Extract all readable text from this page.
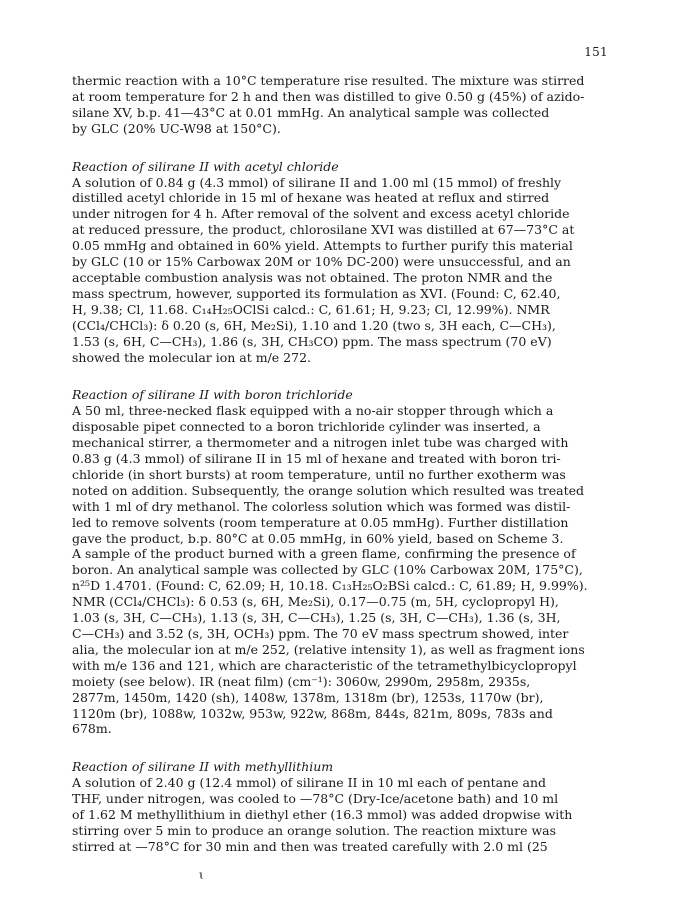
151

thermic reaction with a 10°C temperature rise resulted. The mixture was stirred
at room temperature for 2 h and then was distilled to give 0.50 g (45%) of azido-
silane XV, b.p. 41—43°C at 0.01 mmHg. An analytical sample was collected
by GLC (20% UC-W98 at 150°C).

Reaction of silirane II with acetyl chloride

A solution of 0.84 g (4.3 mmol) of silirane II and 1.00 ml (15 mmol) of freshly
distilled acetyl chloride in 15 ml of hexane was heated at reflux and stirred
under nitrogen for 4 h. After removal of the solvent and excess acetyl chloride
at reduced pressure, the product, chlorosilane XVI was distilled at 67—73°C at
0.05 mmHg and obtained in 60% yield. Attempts to further purify this material
by GLC (10 or 15% Carbowax 20M or 10% DC-200) were unsuccessful, and an
acceptable combustion analysis was not obtained. The proton NMR and the
mass spectrum, however, supported its formulation as XVI. (Found: C, 62.40,
H, 9.38; Cl, 11.68. C₁₄H₂₅OClSi calcd.: C, 61.61; H, 9.23; Cl, 12.99%). NMR
(CCl₄/CHCl₃): δ 0.20 (s, 6H, Me₂Si), 1.10 and 1.20 (two s, 3H each, C—CH₃),
1.53 (s, 6H, C—CH₃), 1.86 (s, 3H, CH₃CO) ppm. The mass spectrum (70 eV)
showed the molecular ion at m/e 272.

Reaction of silirane II with boron trichloride

A 50 ml, three-necked flask equipped with a no-air stopper through which a
disposable pipet connected to a boron trichloride cylinder was inserted, a
mechanical stirrer, a thermometer and a nitrogen inlet tube was charged with
0.83 g (4.3 mmol) of silirane II in 15 ml of hexane and treated with boron tri-
chloride (in short bursts) at room temperature, until no further exotherm was
noted on addition. Subsequently, the orange solution which resulted was treated
with 1 ml of dry methanol. The colorless solution which was formed was distil-
led to remove solvents (room temperature at 0.05 mmHg). Further distillation
gave the product, b.p. 80°C at 0.05 mmHg, in 60% yield, based on Scheme 3.
A sample of the product burned with a green flame, confirming the presence of
boron. An analytical sample was collected by GLC (10% Carbowax 20M, 175°C),
n²⁵D 1.4701. (Found: C, 62.09; H, 10.18. C₁₃H₂₅O₂BSi calcd.: C, 61.89; H, 9.99%).
NMR (CCl₄/CHCl₃): δ 0.53 (s, 6H, Me₂Si), 0.17—0.75 (m, 5H, cyclopropyl H),
1.03 (s, 3H, C—CH₃), 1.13 (s, 3H, C—CH₃), 1.25 (s, 3H, C—CH₃), 1.36 (s, 3H,
C—CH₃) and 3.52 (s, 3H, OCH₃) ppm. The 70 eV mass spectrum showed, inter
alia, the molecular ion at m/e 252, (relative intensity 1), as well as fragment ions
with m/e 136 and 121, which are characteristic of the tetramethylbicyclopropyl
moiety (see below). IR (neat film) (cm⁻¹): 3060w, 2990m, 2958m, 2935s,
2877m, 1450m, 1420 (sh), 1408w, 1378m, 1318m (br), 1253s, 1170w (br),
1120m (br), 1088w, 1032w, 953w, 922w, 868m, 844s, 821m, 809s, 783s and
678m.

Reaction of silirane II with methyllithium

A solution of 2.40 g (12.4 mmol) of silirane II in 10 ml each of pentane and
THF, under nitrogen, was cooled to —78°C (Dry-Ice/acetone bath) and 10 ml
of 1.62 M methyllithium in diethyl ether (16.3 mmol) was added dropwise with
stirring over 5 min to produce an orange solution. The reaction mixture was
stirred at —78°C for 30 min and then was treated carefully with 2.0 ml (25

ɩ
